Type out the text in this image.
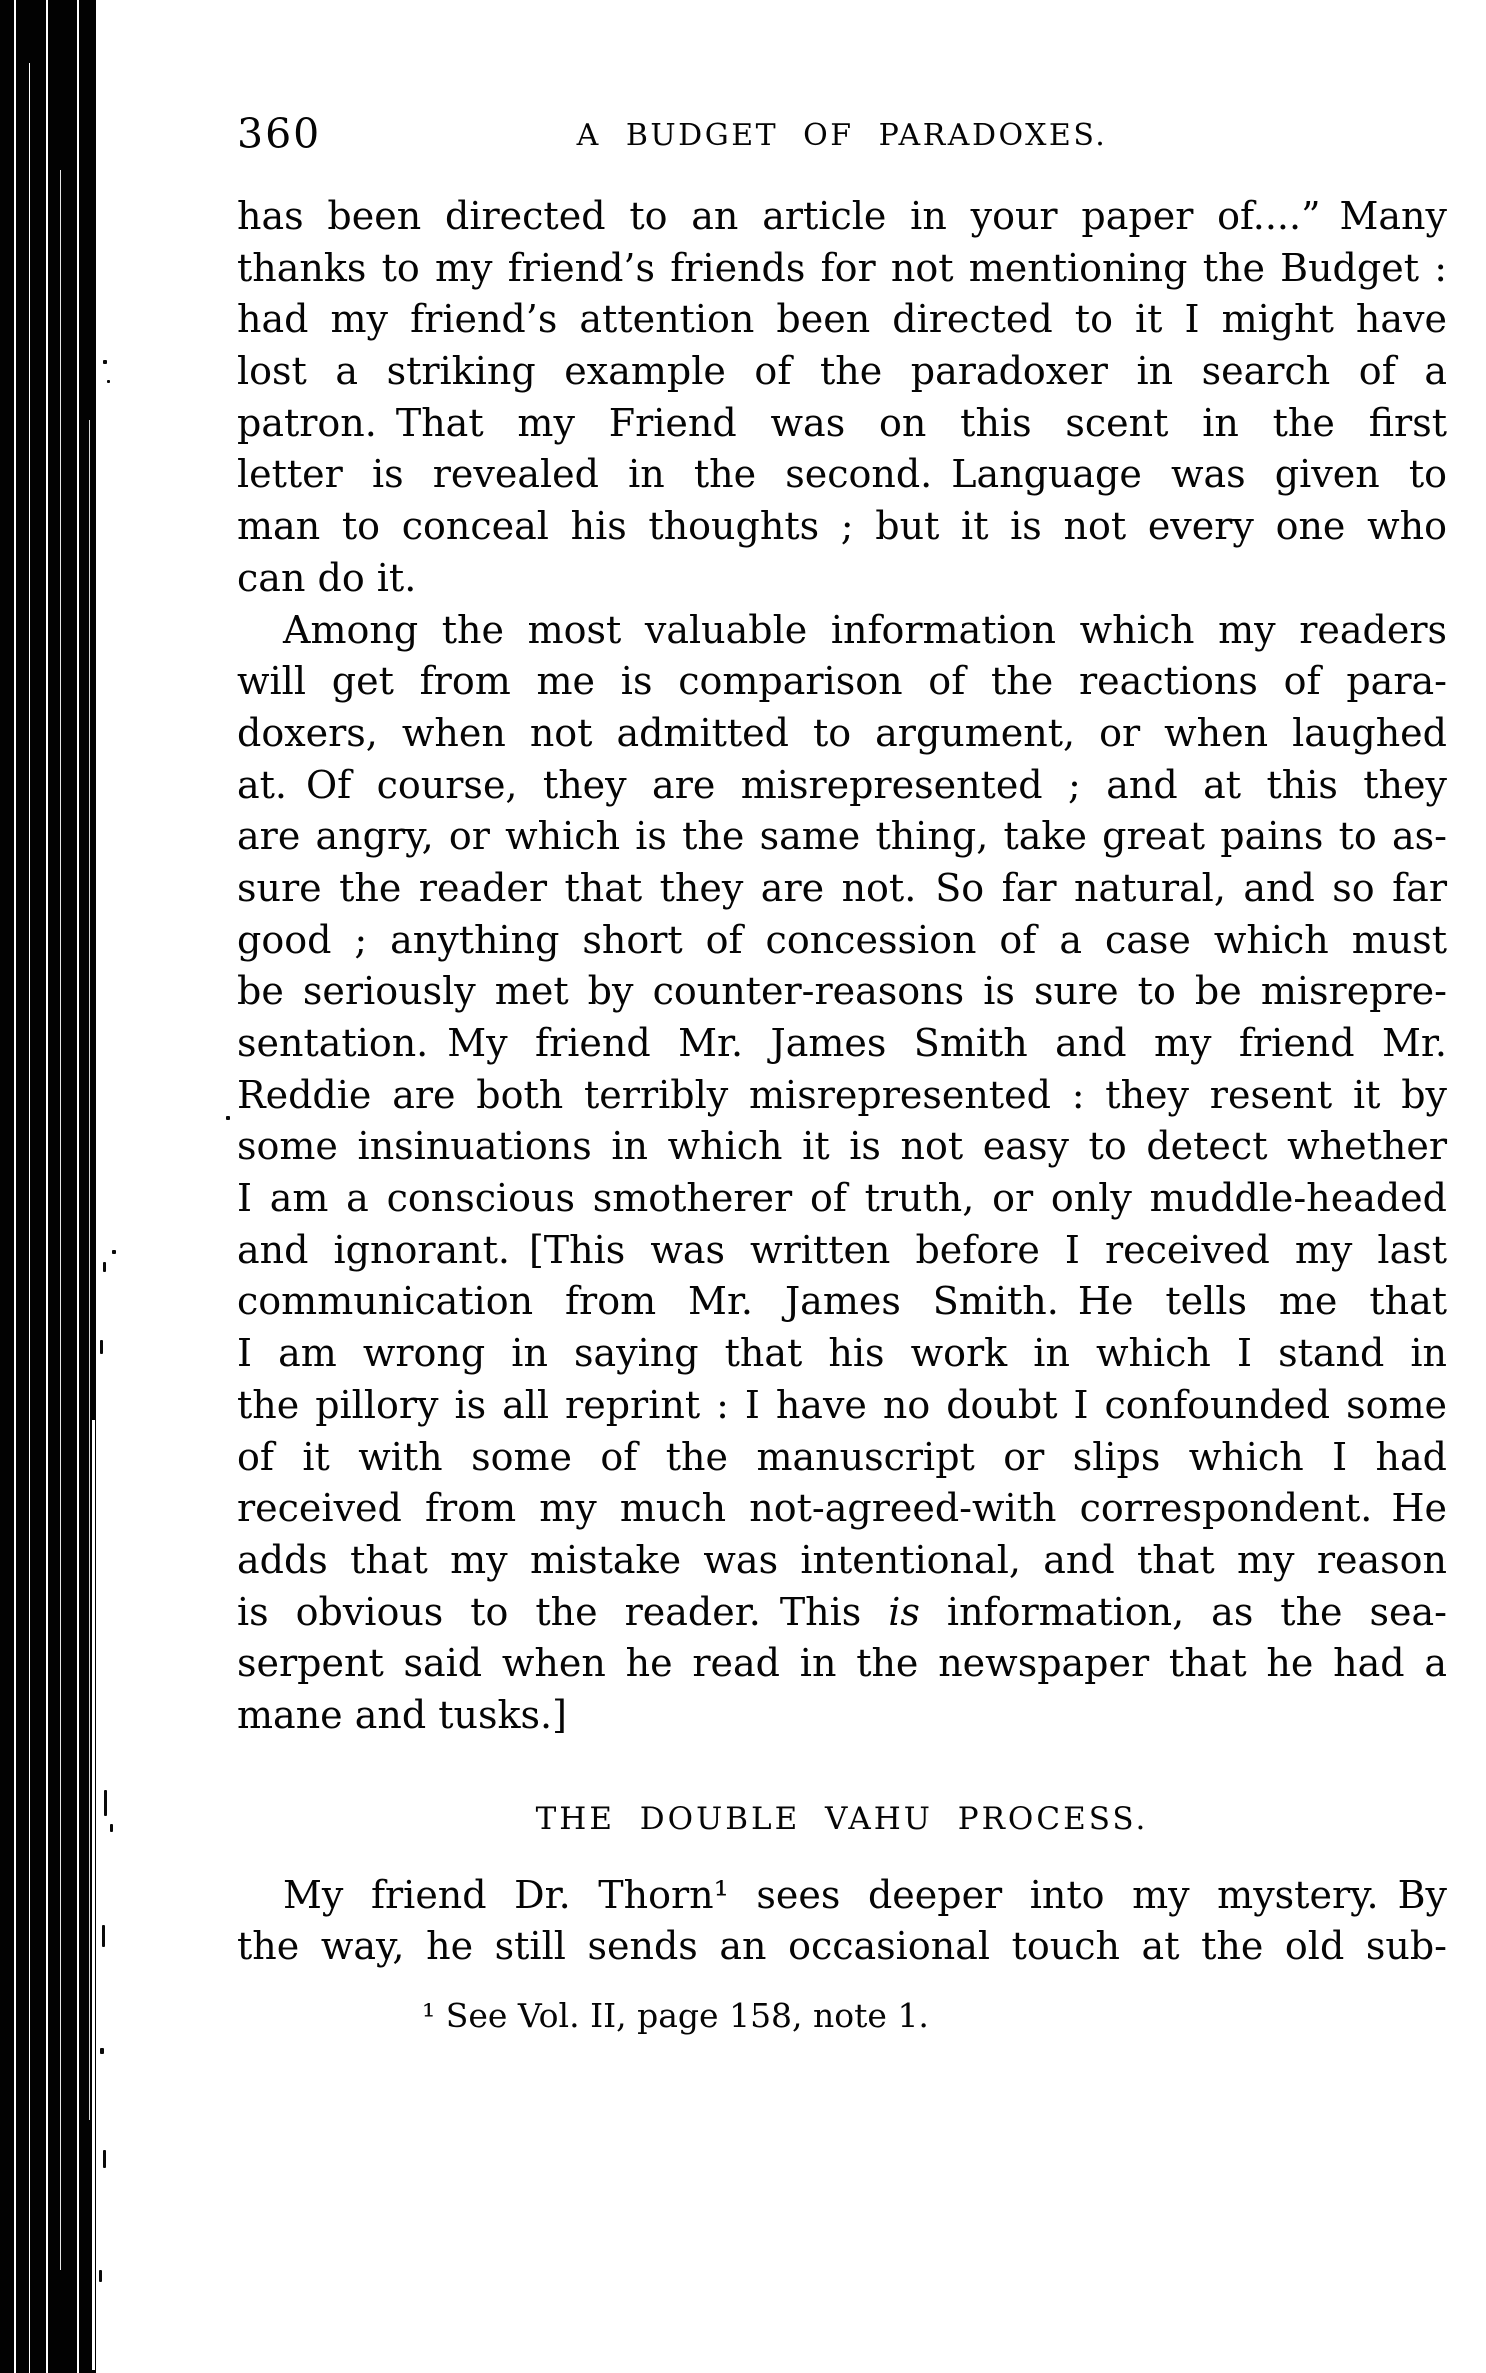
360	A BUDGET OF PARADOXES.
has been directed to an article in your paper of....” Many
thanks to my friend’s friends for not mentioning the Budget :
had my friend’s attention been directed to it I might have
lost a striking example of the paradoxer in search of a
patron. That my Friend was on this scent in the first
letter is revealed in the second. Language was given to
man to conceal his thoughts ; but it is not every one who
can do it.
Among the most valuable information which my readers
will get from me is comparison of the reactions of para-
doxers, when not admitted to argument, or when laughed
at. Of course, they are misrepresented ; and at this they
are angry, or which is the same thing, take great pains to as-
sure the reader that they are not. So far natural, and so far
good ; anything short of concession of a case which must
be seriously met by counter-reasons is sure to be misrepre-
sentation. My friend Mr. James Smith and my friend Mr.
Reddie are both terribly misrepresented : they resent it by
some insinuations in which it is not easy to detect whether
I am a conscious smotherer of truth, or only muddle-headed
and ignorant. [This was written before I received my last
communication from Mr. James Smith. He tells me that
I am wrong in saying that his work in which I stand in
the pillory is all reprint : I have no doubt I confounded some
of it with some of the manuscript or slips which I had
received from my much not-agreed-with correspondent. He
adds that my mistake was intentional, and that my reason
is obvious to the reader. This is information, as the sea-
serpent said when he read in the newspaper that he had a
mane and tusks.]
THE DOUBLE VAHU PROCESS.
My friend Dr. Thorn¹ sees deeper into my mystery. By
the way, he still sends an occasional touch at the old sub-
¹ See Vol. II, page 158, note 1.
